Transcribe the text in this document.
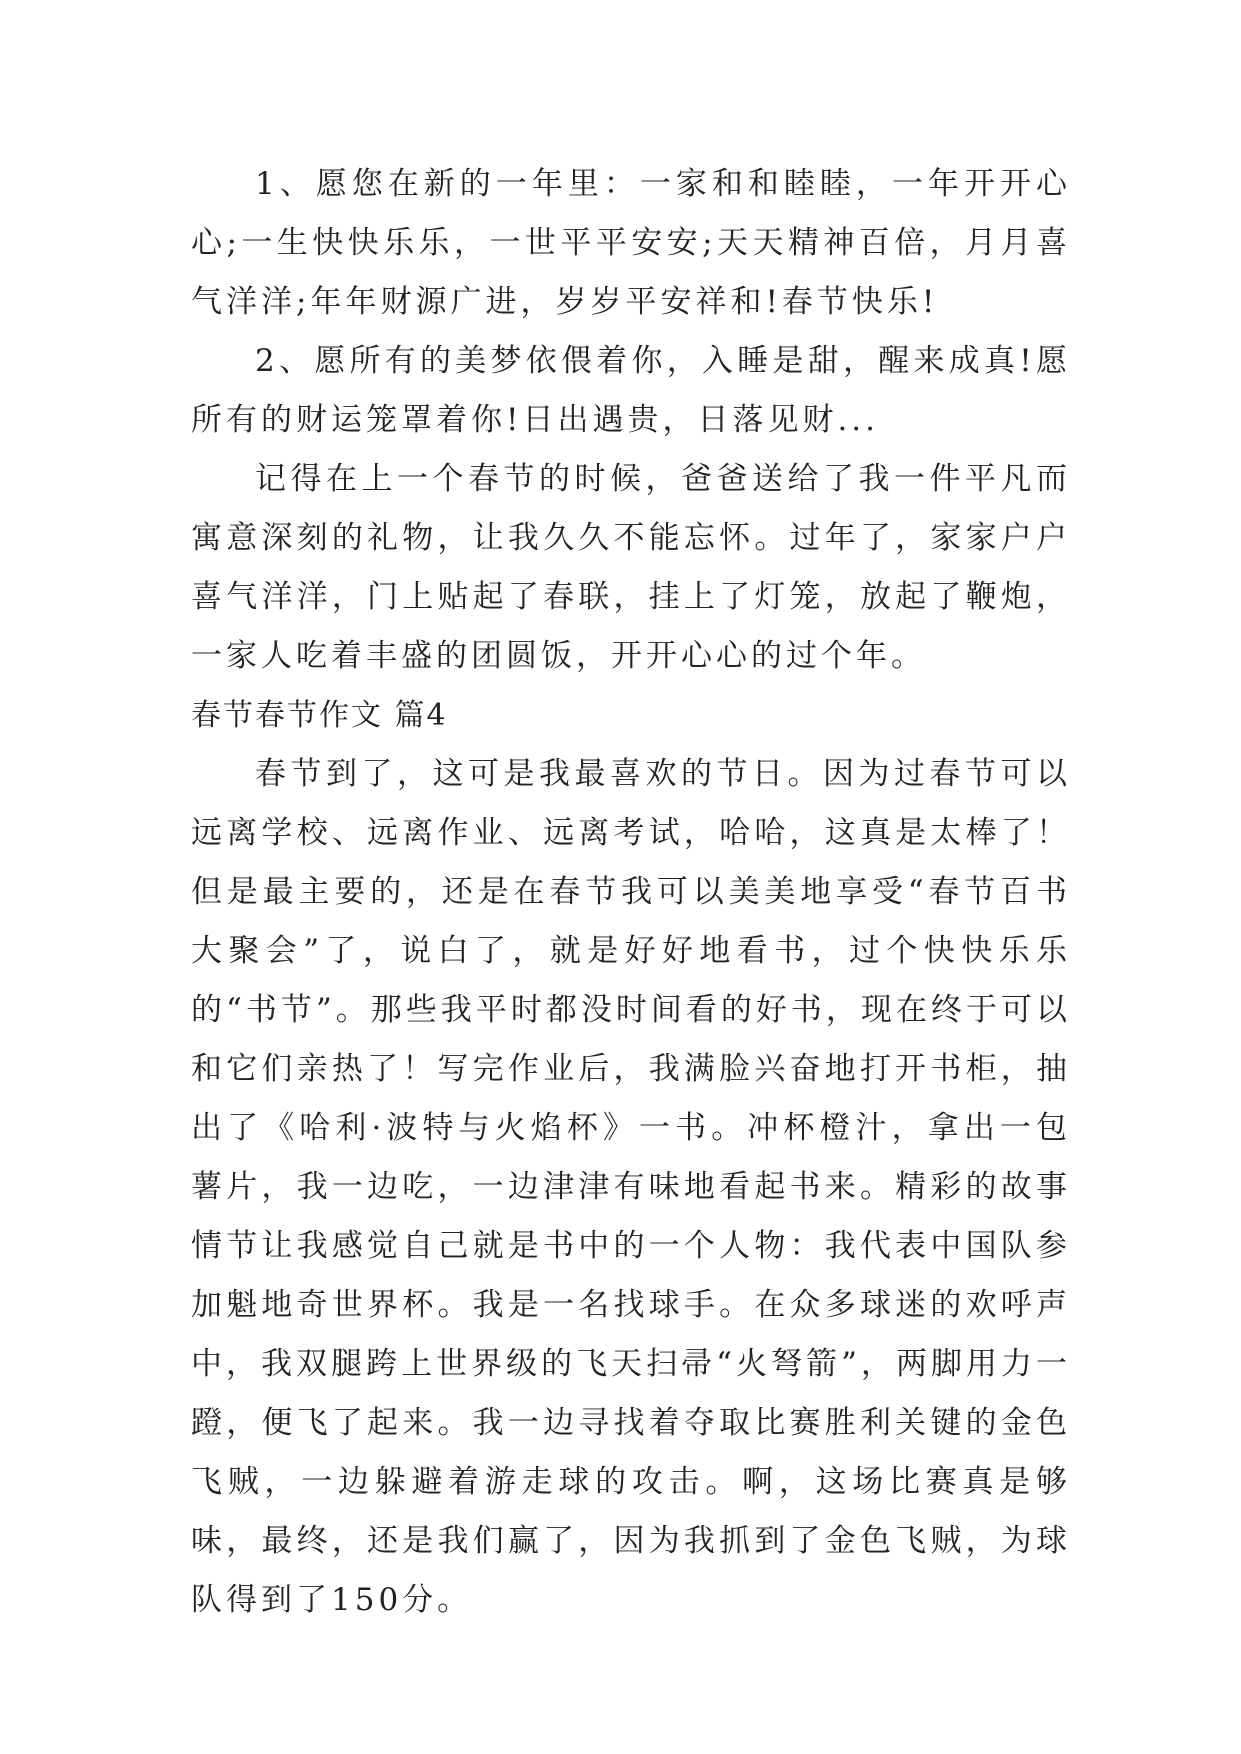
1、愿您在新的一年里：一家和和睦睦，一年开开心心;一生快快乐乐，一世平平安安;天天精神百倍，月月喜气洋洋;年年财源广进，岁岁平安祥和!春节快乐!

2、愿所有的美梦依偎着你，入睡是甜，醒来成真!愿所有的财运笼罩着你!日出遇贵，日落见财...

记得在上一个春节的时候，爸爸送给了我一件平凡而寓意深刻的礼物，让我久久不能忘怀。过年了，家家户户喜气洋洋，门上贴起了春联，挂上了灯笼，放起了鞭炮，一家人吃着丰盛的团圆饭，开开心心的过个年。

春节春节作文 篇4

春节到了，这可是我最喜欢的节日。因为过春节可以远离学校、远离作业、远离考试，哈哈，这真是太棒了！但是最主要的，还是在春节我可以美美地享受“春节百书大聚会”了，说白了，就是好好地看书，过个快快乐乐的“书节”。那些我平时都没时间看的好书，现在终于可以和它们亲热了！写完作业后，我满脸兴奋地打开书柜，抽出了《哈利·波特与火焰杯》一书。冲杯橙汁，拿出一包薯片，我一边吃，一边津津有味地看起书来。精彩的故事情节让我感觉自己就是书中的一个人物：我代表中国队参加魁地奇世界杯。我是一名找球手。在众多球迷的欢呼声中，我双腿跨上世界级的飞天扫帚“火弩箭”，两脚用力一蹬，便飞了起来。我一边寻找着夺取比赛胜利关键的金色飞贼，一边躲避着游走球的攻击。啊，这场比赛真是够味，最终，还是我们赢了，因为我抓到了金色飞贼，为球队得到了150分。
